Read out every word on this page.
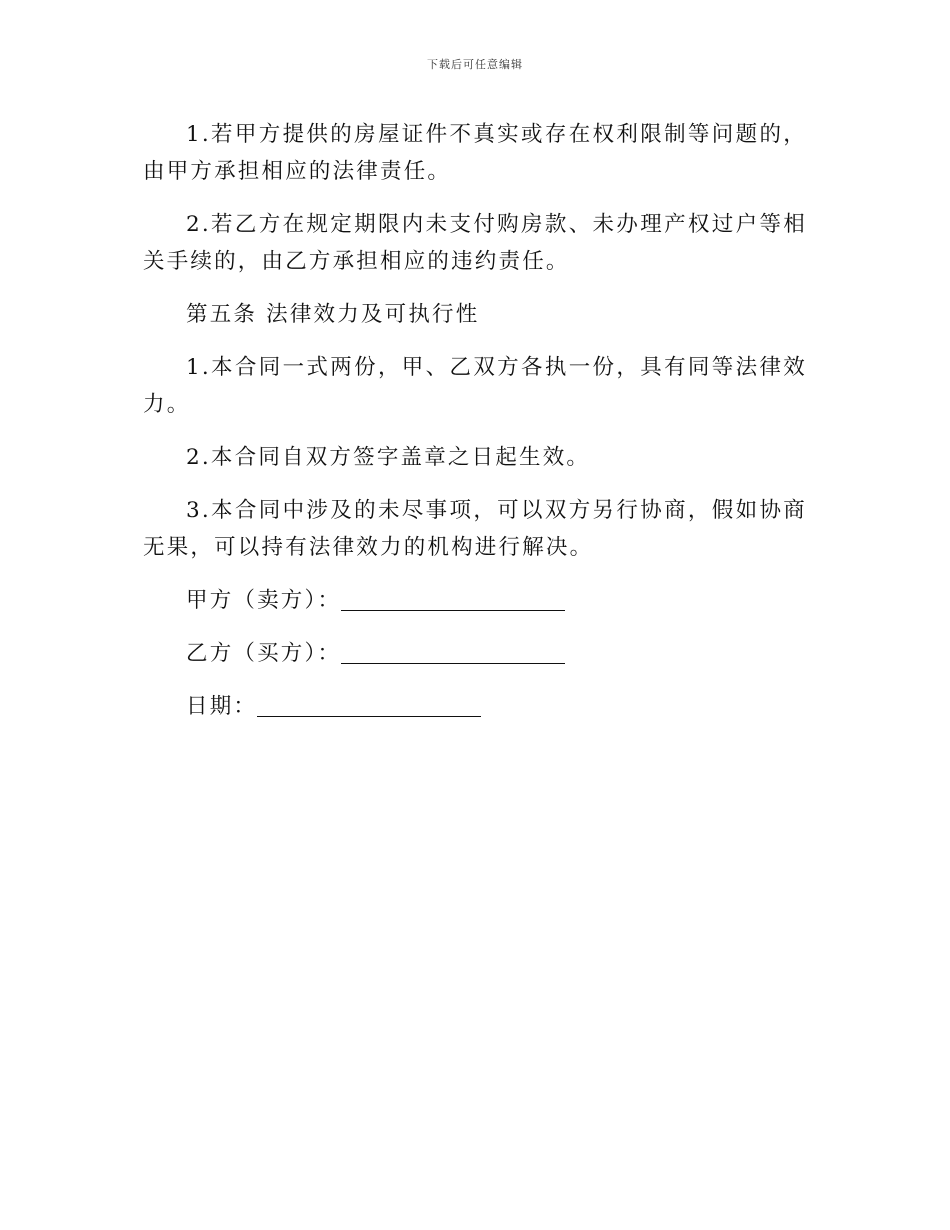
下载后可任意编辑

1.若甲方提供的房屋证件不真实或存在权利限制等问题的，由甲方承担相应的法律责任。

2.若乙方在规定期限内未支付购房款、未办理产权过户等相关手续的，由乙方承担相应的违约责任。

第五条 法律效力及可执行性

1.本合同一式两份，甲、乙双方各执一份，具有同等法律效力。

2.本合同自双方签字盖章之日起生效。

3.本合同中涉及的未尽事项，可以双方另行协商，假如协商无果，可以持有法律效力的机构进行解决。

甲方（卖方）：

乙方（买方）：

日期：
